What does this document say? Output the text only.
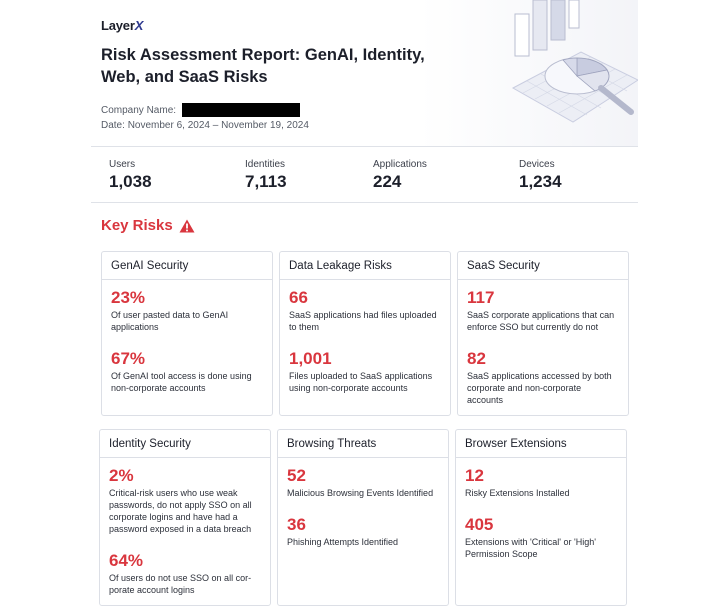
LayerX
Risk Assessment Report: GenAI, Identity, Web, and SaaS Risks
Company Name:
Date: November 6, 2024 – November 19, 2024
Users
1,038
Identities
7,113
Applications
224
Devices
1,234
Key Risks
GenAI Security
23%
Of user pasted data to GenAI applications
67%
Of GenAI tool access is done using non-corporate accounts
Data Leakage Risks
66
SaaS applications had files uploaded to them
1,001
Files uploaded to SaaS applications using non-corporate accounts
SaaS Security
117
SaaS corporate applications that can enforce SSO but currently do not
82
SaaS applications accessed by both corporate and non-corporate accounts
Identity Security
2%
Critical-risk users who use weak passwords, do not apply SSO on all corporate logins and have had a password exposed in a data breach
64%
Of users do not use SSO on all cor-porate account logins
Browsing Threats
52
Malicious Browsing Events Identified
36
Phishing Attempts Identified
Browser Extensions
12
Risky Extensions Installed
405
Extensions with 'Critical' or 'High' Permission Scope
